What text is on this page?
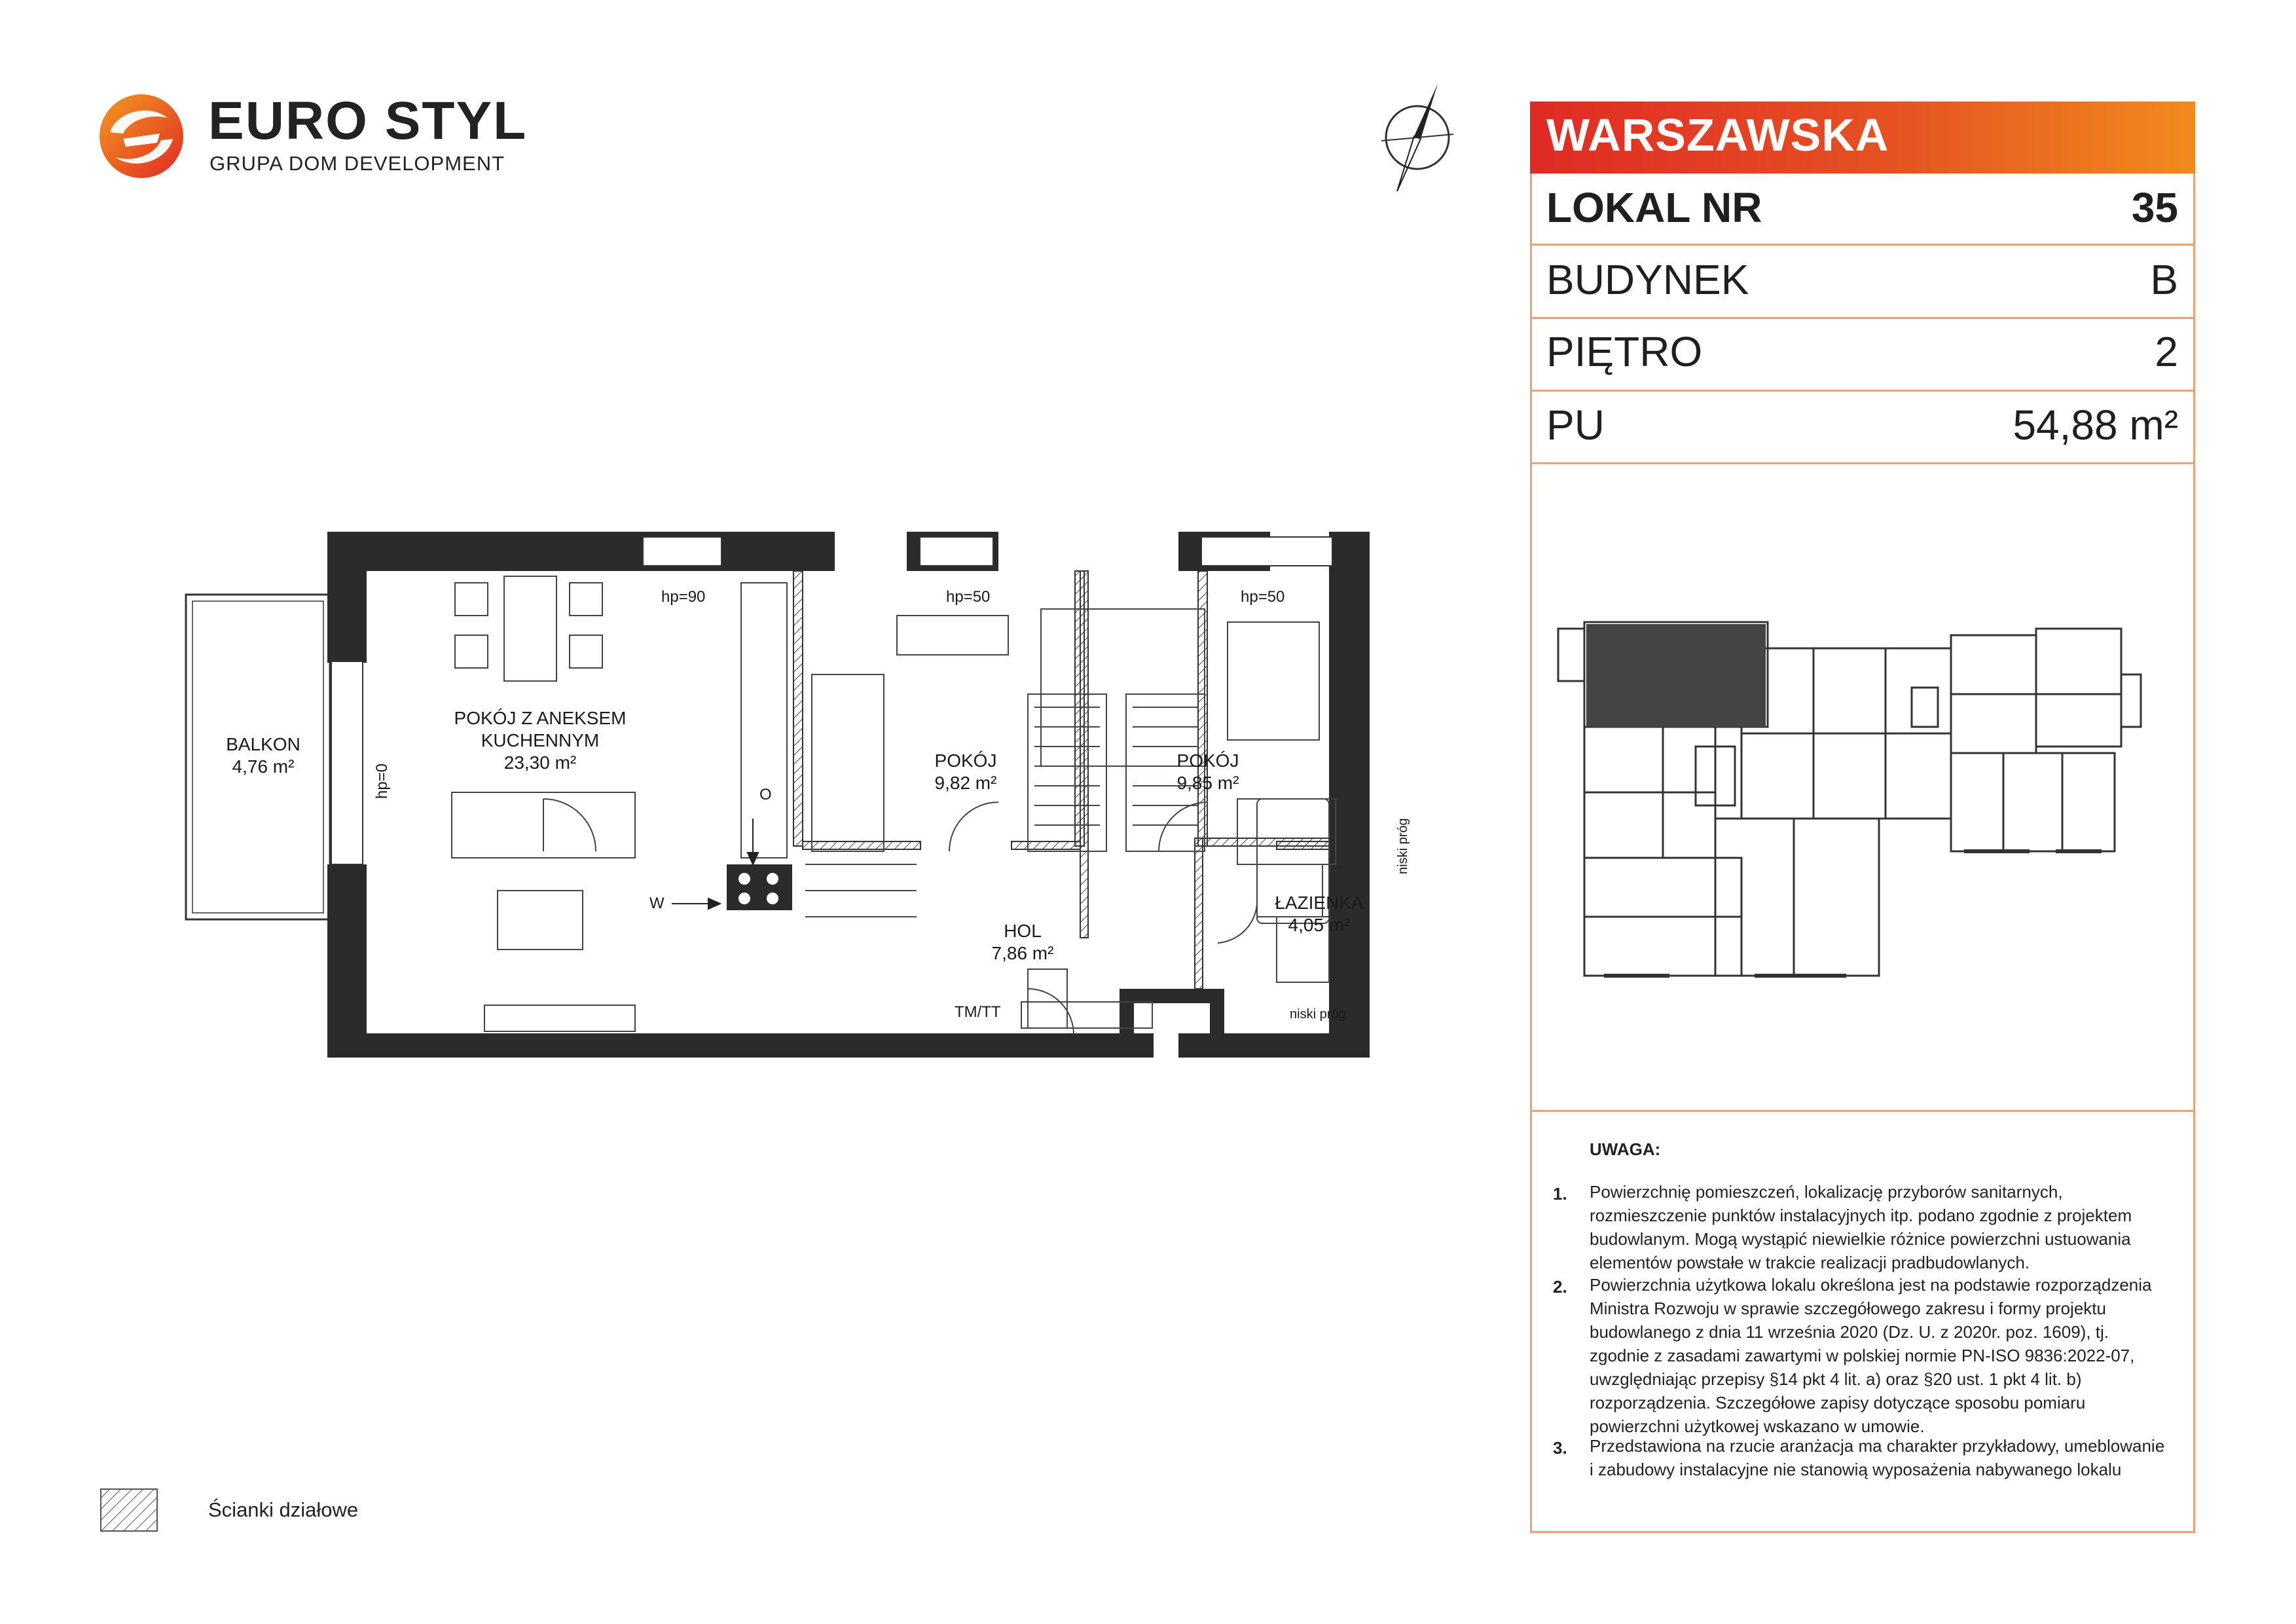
EURO STYL
GRUPA DOM DEVELOPMENT
WARSZAWSKA
LOKAL NR	35
BUDYNEK	B
PIĘTRO	2
PU	54,88 m²
UWAGA:
1. Powierzchnię pomieszczeń, lokalizację przyborów sanitarnych, rozmieszczenie punktów instalacyjnych itp. podano zgodnie z projektem budowlanym. Mogą wystąpić niewielkie różnice powierzchni ustuowania elementów powstałe w trakcie realizacji pradbudowlanych.
2. Powierzchnia użytkowa lokalu określona jest na podstawie rozporządzenia Ministra Rozwoju w sprawie szczegółowego zakresu i formy projektu budowlanego z dnia 11 września 2020 (Dz. U. z 2020r. poz. 1609), tj. zgodnie z zasadami zawartymi w polskiej normie PN-ISO 9836:2022-07, uwzględniając przepisy §14 pkt 4 lit. a) oraz §20 ust. 1 pkt 4 lit. b) rozporządzenia. Szczegółowe zapisy dotyczące sposobu pomiaru powierzchni użytkowej wskazano w umowie.
3. Przedstawiona na rzucie aranżacja ma charakter przykładowy, umeblowanie i zabudowy instalacyjne nie stanowią wyposażenia nabywanego lokalu
BALKON
4,76 m²
POKÓJ Z ANEKSEM
KUCHENNYM
23,30 m²	POKÓJ
9,82 m²
POKÓJ
9,85 m²
ŁAZIENKA
4,05 m²
HOL
7,86 m²
hp=90	hp=50	hp=50
hp=0	O
W
TM/TT	niski próg
niski próg
Ścianki działowe
